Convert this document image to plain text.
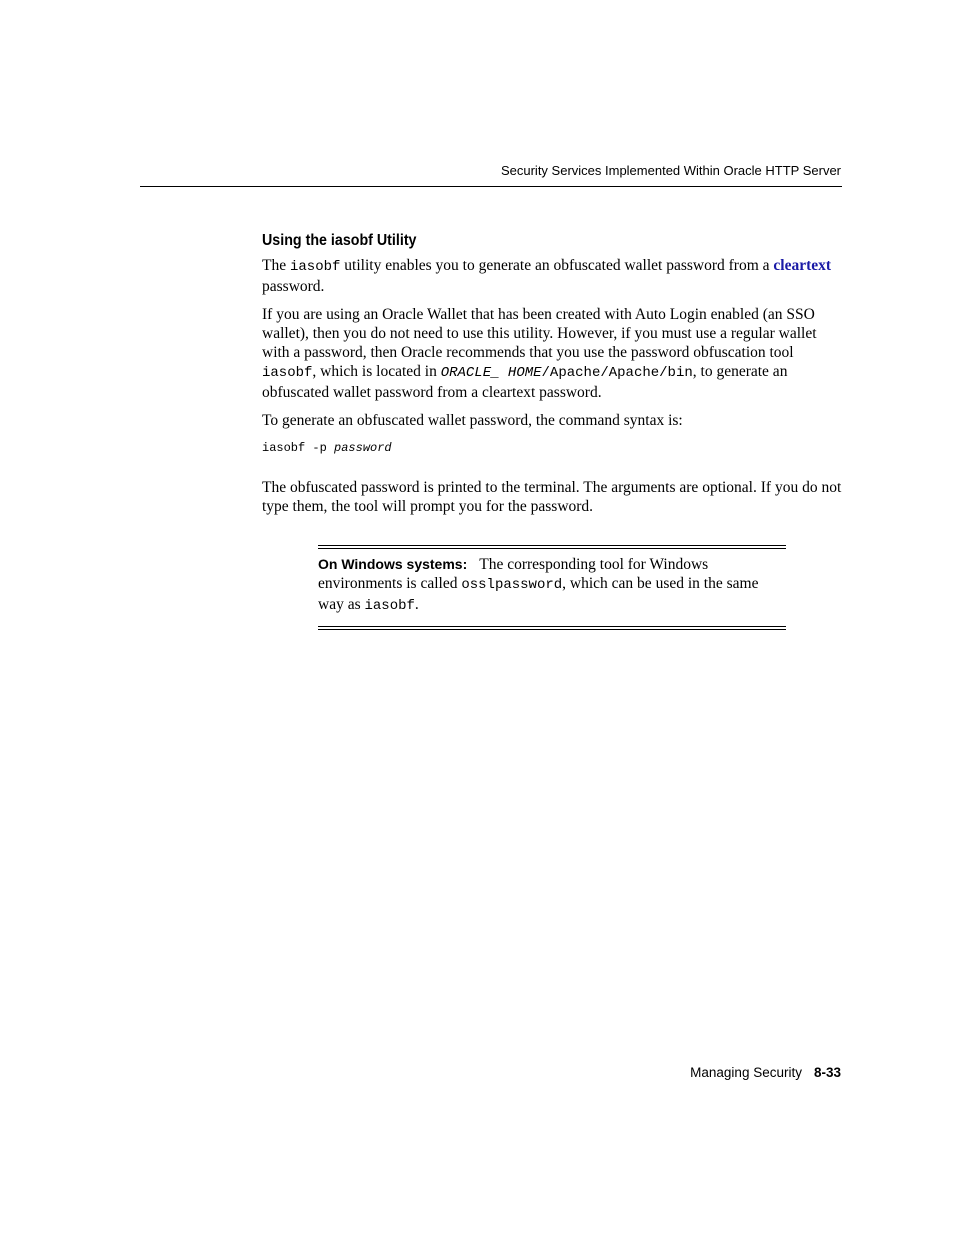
Security Services Implemented Within Oracle HTTP Server
Using the iasobf Utility

The iasobf utility enables you to generate an obfuscated wallet password from a cleartext password.

If you are using an Oracle Wallet that has been created with Auto Login enabled (an SSO wallet), then you do not need to use this utility. However, if you must use a regular wallet with a password, then Oracle recommends that you use the password obfuscation tool iasobf, which is located in ORACLE_ HOME/Apache/Apache/bin, to generate an obfuscated wallet password from a cleartext password.

To generate an obfuscated wallet password, the command syntax is:

iasobf -p password

The obfuscated password is printed to the terminal. The arguments are optional. If you do not type them, the tool will prompt you for the password.

On Windows systems: The corresponding tool for Windows environments is called osslpassword, which can be used in the same way as iasobf.
Managing Security 8-33
